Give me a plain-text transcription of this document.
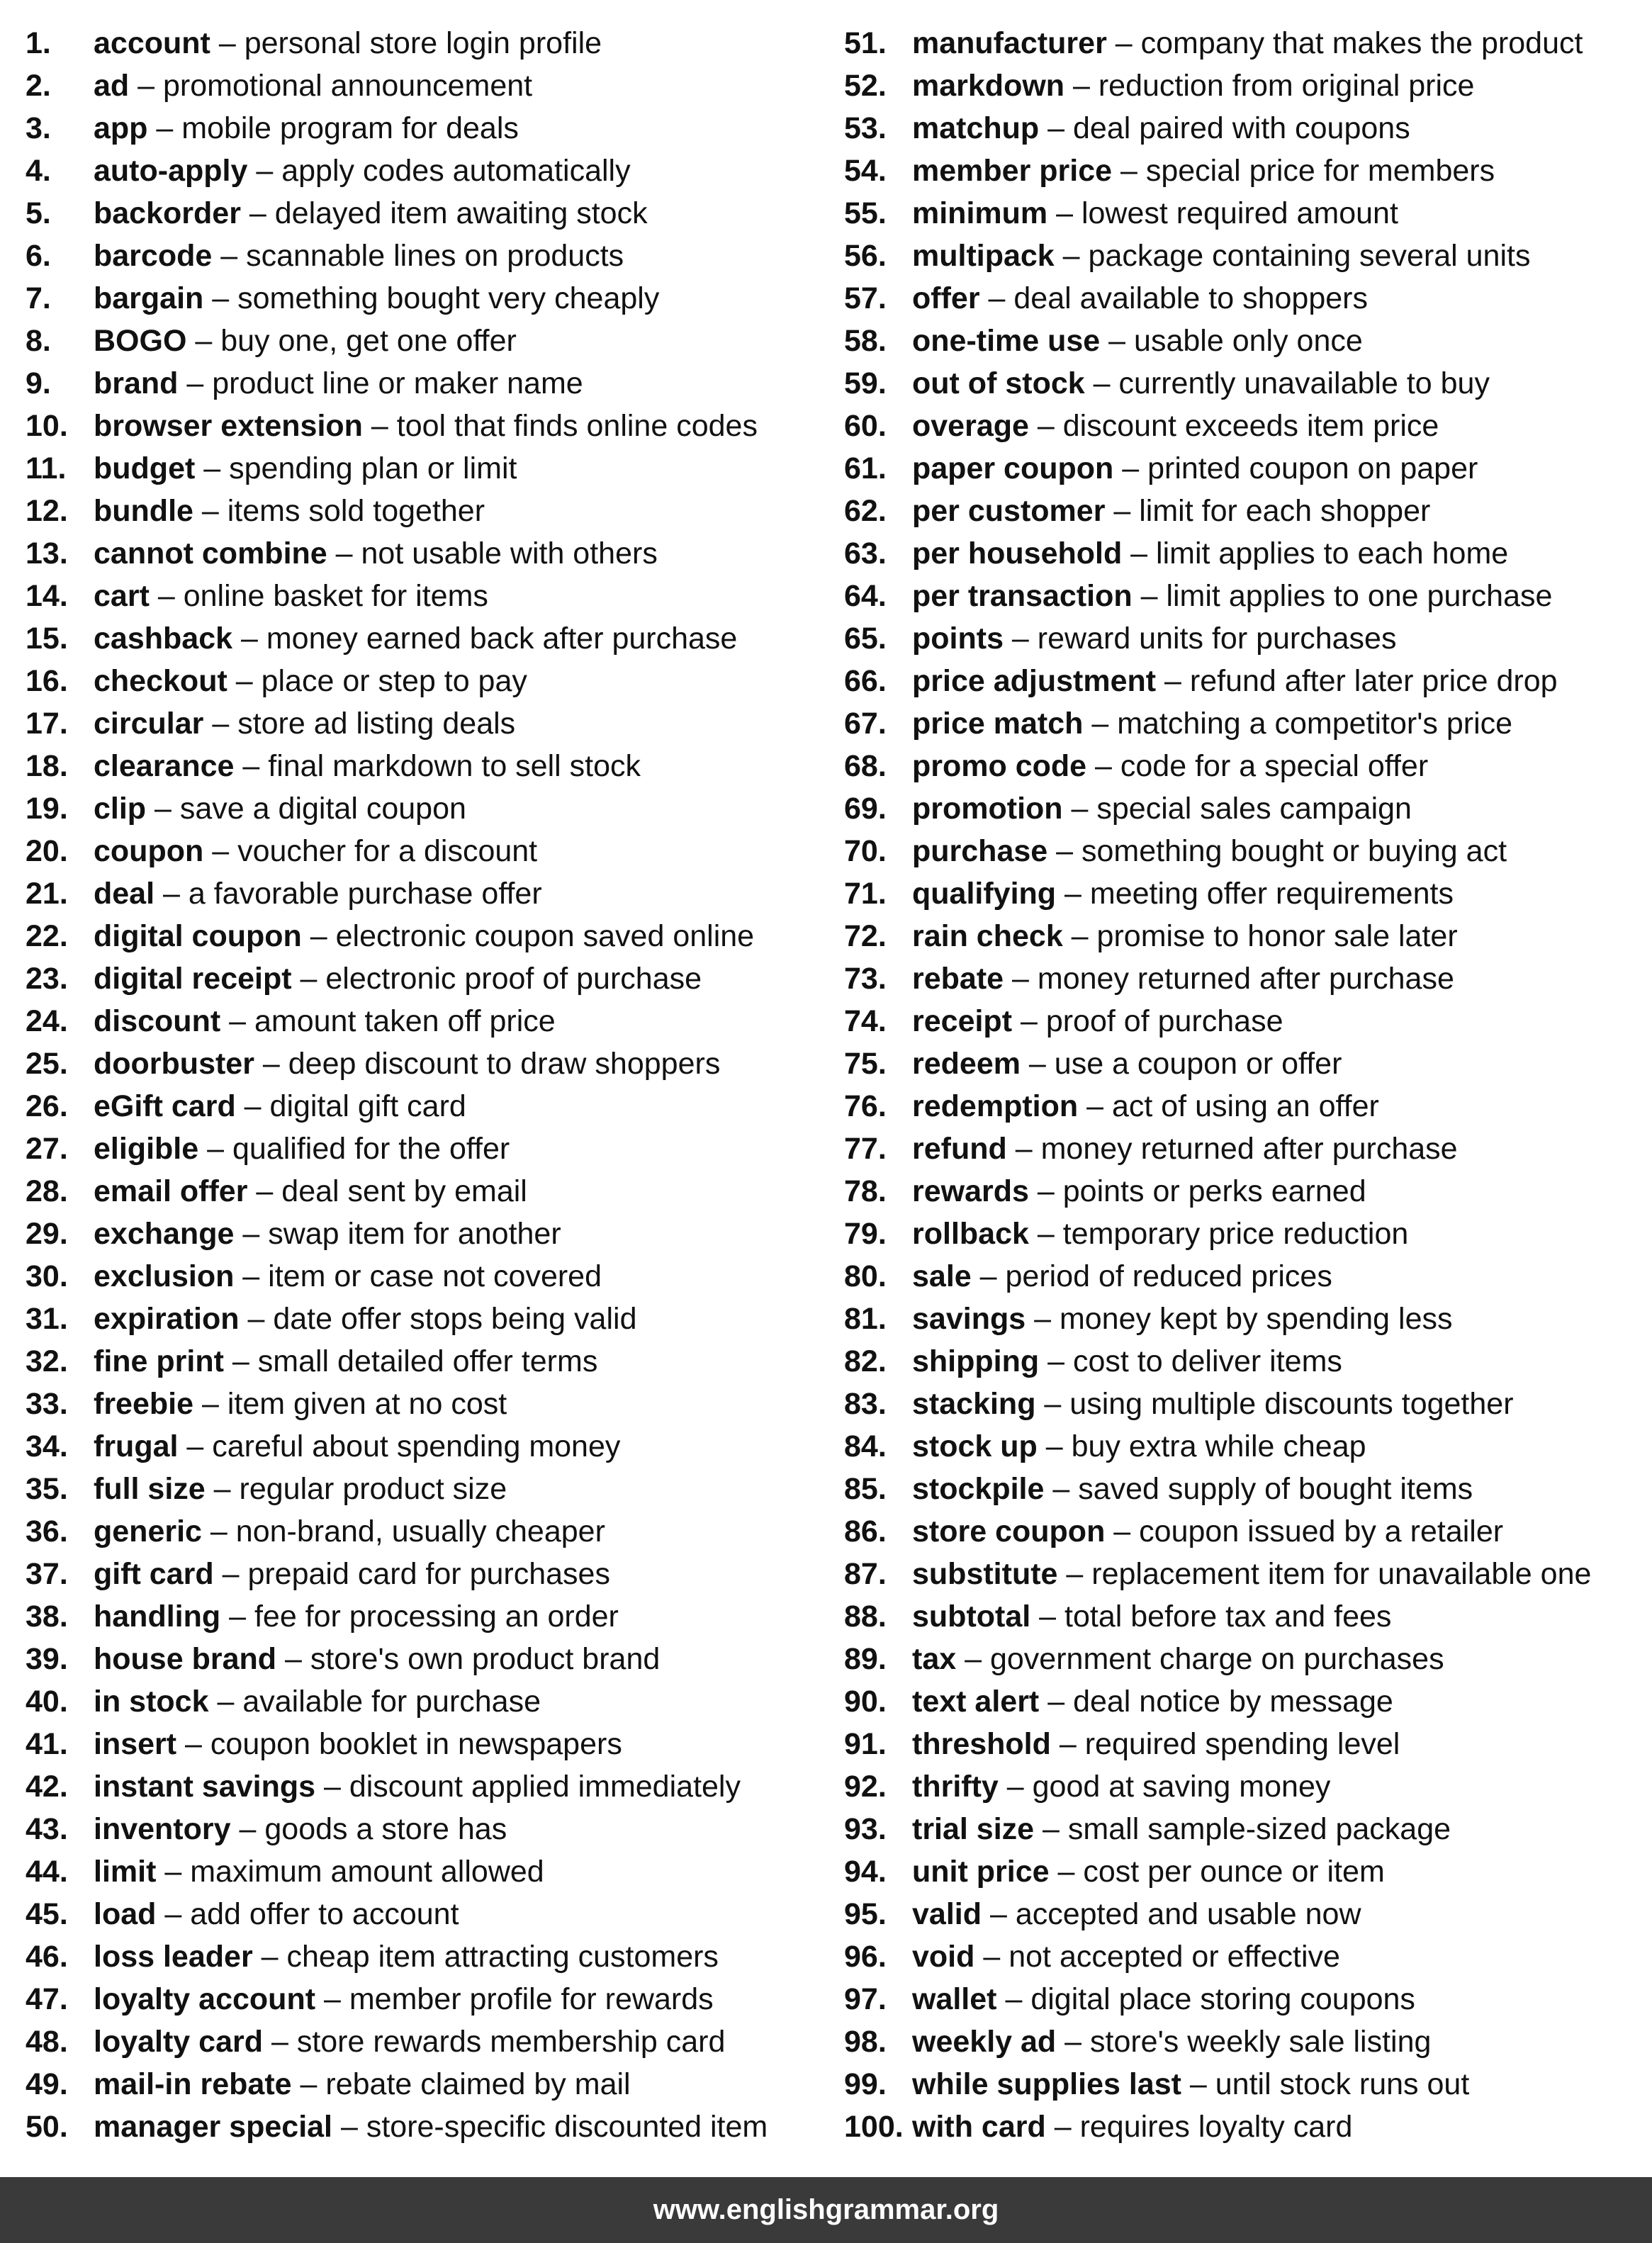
1.	account – personal store login profile
2.	ad – promotional announcement
3.	app – mobile program for deals
4.	auto-apply – apply codes automatically
5.	backorder – delayed item awaiting stock
6.	barcode – scannable lines on products
7.	bargain – something bought very cheaply
8.	BOGO – buy one, get one offer
9.	brand – product line or maker name
10. browser extension – tool that finds online codes
11. budget – spending plan or limit
12. bundle – items sold together
13. cannot combine – not usable with others
14. cart – online basket for items
15. cashback – money earned back after purchase
16. checkout – place or step to pay
17. circular – store ad listing deals
18. clearance – final markdown to sell stock
19. clip – save a digital coupon
20. coupon – voucher for a discount
21. deal – a favorable purchase offer
22. digital coupon – electronic coupon saved online
23. digital receipt – electronic proof of purchase
24. discount – amount taken off price
25. doorbuster – deep discount to draw shoppers
26. eGift card – digital gift card
27. eligible – qualified for the offer
28. email offer – deal sent by email
29. exchange – swap item for another
30. exclusion – item or case not covered
31. expiration – date offer stops being valid
32. fine print – small detailed offer terms
33. freebie – item given at no cost
34. frugal – careful about spending money
35. full size – regular product size
36. generic – non-brand, usually cheaper
37. gift card – prepaid card for purchases
38. handling – fee for processing an order
39. house brand – store's own product brand
40. in stock – available for purchase
41. insert – coupon booklet in newspapers
42. instant savings – discount applied immediately
43. inventory – goods a store has
44. limit – maximum amount allowed
45. load – add offer to account
46. loss leader – cheap item attracting customers
47. loyalty account – member profile for rewards
48. loyalty card – store rewards membership card
49. mail-in rebate – rebate claimed by mail
50. manager special – store-specific discounted item
51. manufacturer – company that makes the product
52. markdown – reduction from original price
53. matchup – deal paired with coupons
54. member price – special price for members
55. minimum – lowest required amount
56. multipack – package containing several units
57. offer – deal available to shoppers
58. one-time use – usable only once
59. out of stock – currently unavailable to buy
60. overage – discount exceeds item price
61. paper coupon – printed coupon on paper
62. per customer – limit for each shopper
63. per household – limit applies to each home
64. per transaction – limit applies to one purchase
65. points – reward units for purchases
66. price adjustment – refund after later price drop
67. price match – matching a competitor's price
68. promo code – code for a special offer
69. promotion – special sales campaign
70. purchase – something bought or buying act
71. qualifying – meeting offer requirements
72. rain check – promise to honor sale later
73. rebate – money returned after purchase
74. receipt – proof of purchase
75. redeem – use a coupon or offer
76. redemption – act of using an offer
77. refund – money returned after purchase
78. rewards – points or perks earned
79. rollback – temporary price reduction
80. sale – period of reduced prices
81. savings – money kept by spending less
82. shipping – cost to deliver items
83. stacking – using multiple discounts together
84. stock up – buy extra while cheap
85. stockpile – saved supply of bought items
86. store coupon – coupon issued by a retailer
87. substitute – replacement item for unavailable one
88. subtotal – total before tax and fees
89. tax – government charge on purchases
90. text alert – deal notice by message
91. threshold – required spending level
92. thrifty – good at saving money
93. trial size – small sample-sized package
94. unit price – cost per ounce or item
95. valid – accepted and usable now
96. void – not accepted or effective
97. wallet – digital place storing coupons
98. weekly ad – store's weekly sale listing
99. while supplies last – until stock runs out
100. with card – requires loyalty card
www.englishgrammar.org
